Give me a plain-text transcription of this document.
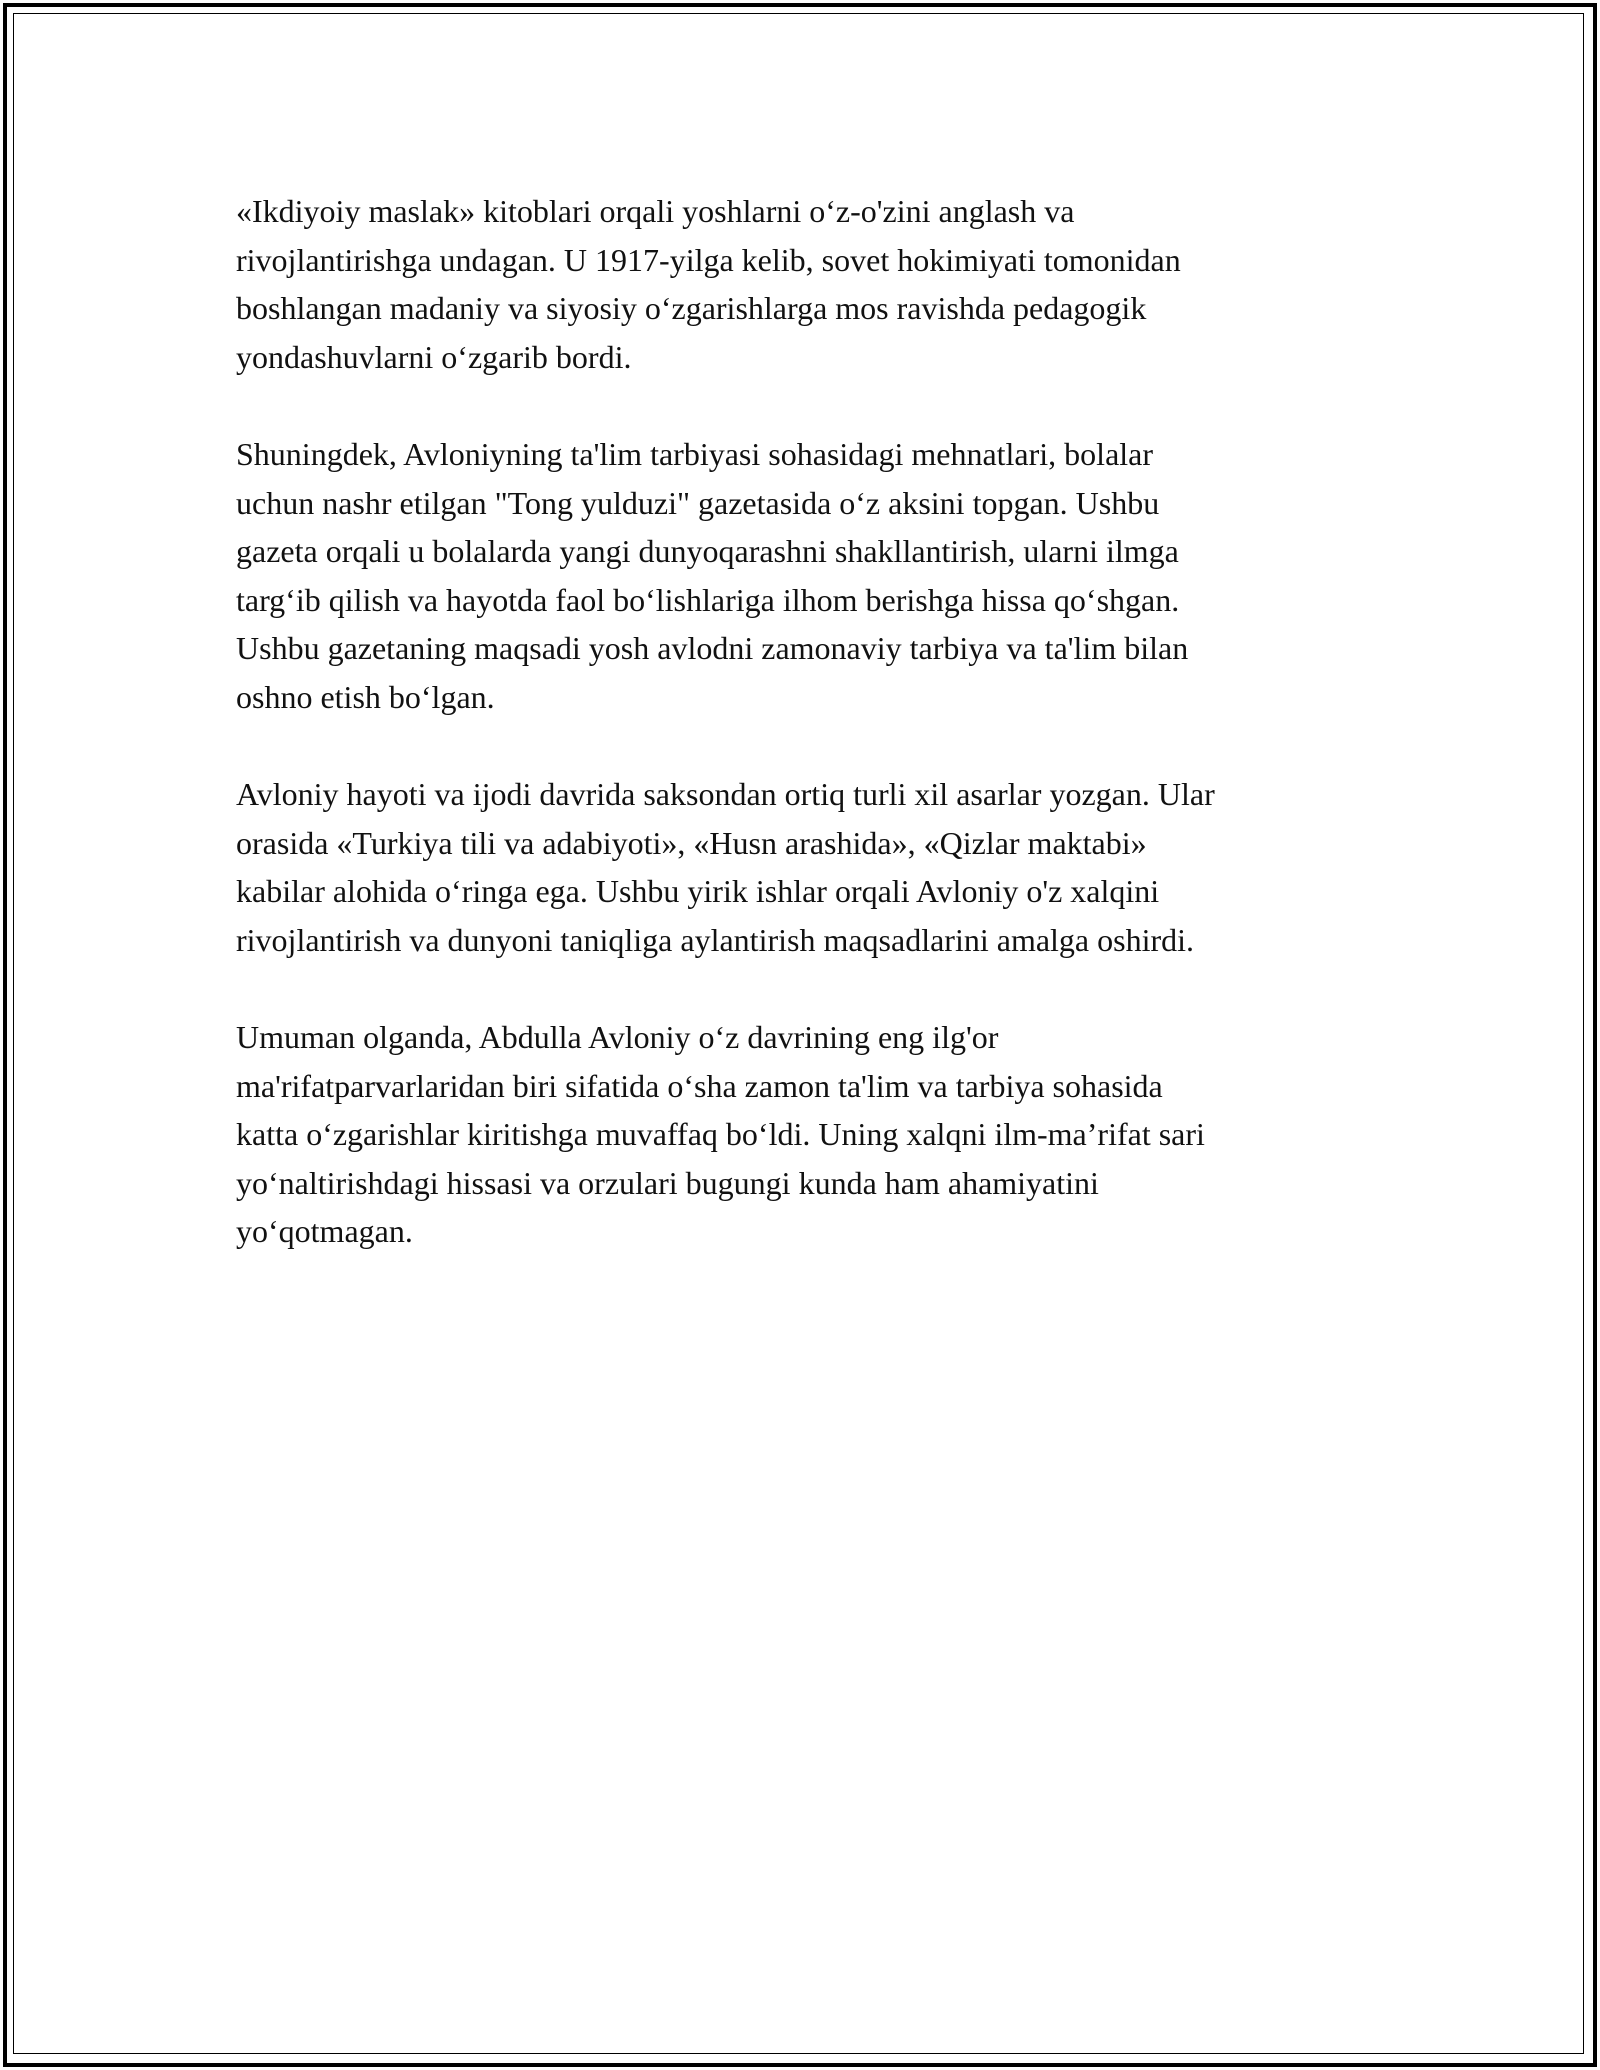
«Ikdiyoiy maslak» kitoblari orqali yoshlarni o‘z-o'zini anglash va
rivojlantirishga undagan. U 1917-yilga kelib, sovet hokimiyati tomonidan
boshlangan madaniy va siyosiy o‘zgarishlarga mos ravishda pedagogik
yondashuvlarni o‘zgarib bordi.

Shuningdek, Avloniyning ta'lim tarbiyasi sohasidagi mehnatlari, bolalar
uchun nashr etilgan "Tong yulduzi" gazetasida o‘z aksini topgan. Ushbu
gazeta orqali u bolalarda yangi dunyoqarashni shakllantirish, ularni ilmga
targ‘ib qilish va hayotda faol bo‘lishlariga ilhom berishga hissa qo‘shgan.
Ushbu gazetaning maqsadi yosh avlodni zamonaviy tarbiya va ta'lim bilan
oshno etish bo‘lgan.

Avloniy hayoti va ijodi davrida saksondan ortiq turli xil asarlar yozgan. Ular
orasida «Turkiya tili va adabiyoti», «Husn arashida», «Qizlar maktabi»
kabilar alohida o‘ringa ega. Ushbu yirik ishlar orqali Avloniy o'z xalqini
rivojlantirish va dunyoni taniqliga aylantirish maqsadlarini amalga oshirdi.

Umuman olganda, Abdulla Avloniy o‘z davrining eng ilg'or
ma'rifatparvarlaridan biri sifatida o‘sha zamon ta'lim va tarbiya sohasida
katta o‘zgarishlar kiritishga muvaffaq bo‘ldi. Uning xalqni ilm-ma’rifat sari
yo‘naltirishdagi hissasi va orzulari bugungi kunda ham ahamiyatini
yo‘qotmagan.
